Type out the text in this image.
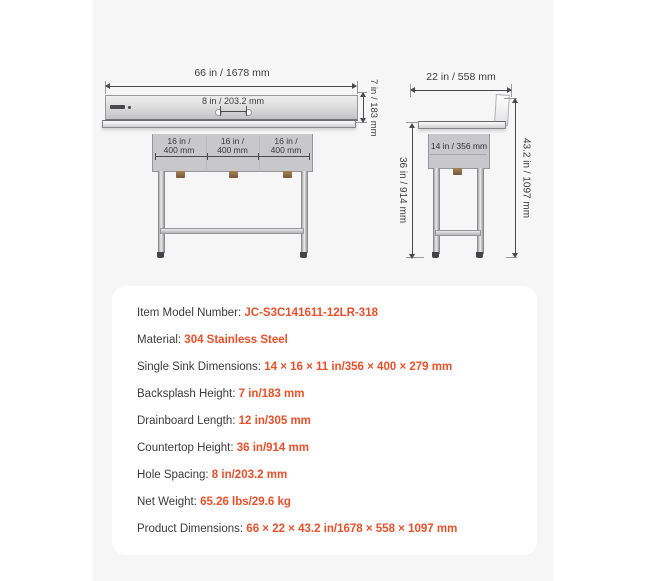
66 in / 1678 mm
8 in / 203.2 mm
16 in /
400 mm
16 in /
400 mm
16 in /
400 mm
7 in / 183 mm
22 in / 558 mm
14 in / 356 mm
36 in / 914 mm	43.2 in / 1097 mm
Item Model Number: JC-S3C141611-12LR-318
Material: 304 Stainless Steel
Single Sink Dimensions: 14 × 16 × 11 in/356 × 400 × 279 mm
Backsplash Height: 7 in/183 mm
Drainboard Length: 12 in/305 mm
Countertop Height: 36 in/914 mm
Hole Spacing: 8 in/203.2 mm
Net Weight: 65.26 lbs/29.6 kg
Product Dimensions: 66 × 22 × 43.2 in/1678 × 558 × 1097 mm
